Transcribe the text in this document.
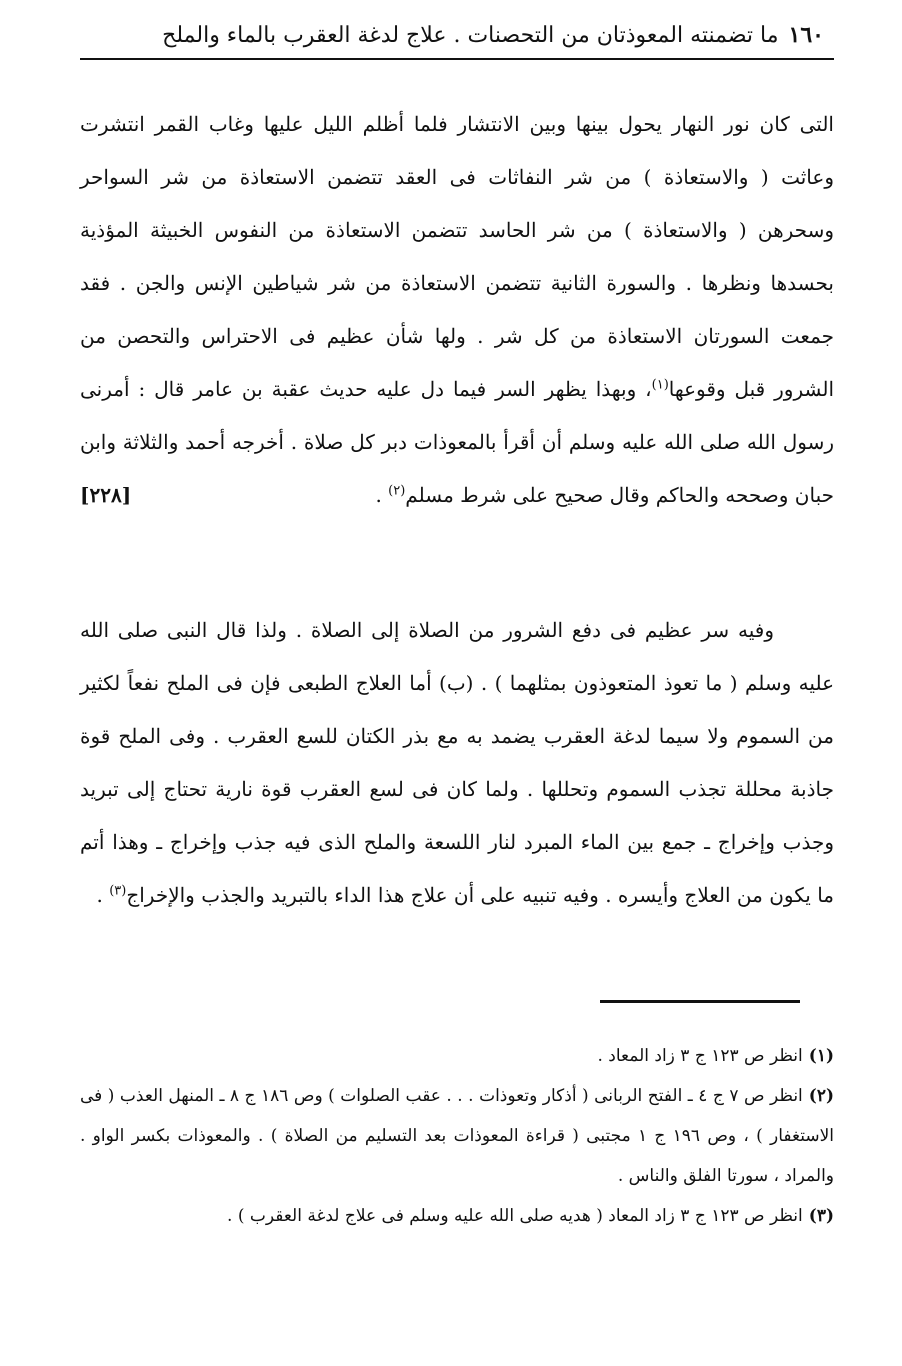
١٦٠
ما تضمنته المعوذتان من التحصنات . علاج لدغة العقرب بالماء والملح
التى كان نور النهار يحول بينها وبين الانتشار فلما أظلم الليل عليها وغاب القمر انتشرت وعاثت ( والاستعاذة ) من شر النفاثات فى العقد تتضمن الاستعاذة من شر السواحر وسحرهن ( والاستعاذة ) من شر الحاسد تتضمن الاستعاذة من النفوس الخبيثة المؤذية بحسدها ونظرها . والسورة الثانية تتضمن الاستعاذة من شر شياطين الإنس والجن . فقد جمعت السورتان الاستعاذة من كل شر . ولها شأن عظيم فى الاحتراس والتحصن من الشرور قبل وقوعها$^{(١)}$، وبهذا يظهر السر فيما دل عليه حديث عقبة بن عامر قال : أمرنى رسول الله صلى الله عليه وسلم أن أقرأ بالمعوذات دبر كل صلاة . أخرجه أحمد والثلاثة وابن حبان وصححه والحاكم وقال صحيح على شرط مسلم$^{(٢)}$ .
[٢٢٨]
وفيه سر عظيم فى دفع الشرور من الصلاة إلى الصلاة . ولذا قال النبى صلى الله عليه وسلم ( ما تعوذ المتعوذون بمثلهما ) . (ب) أما العلاج الطبعى فإن فى الملح نفعاً لكثير من السموم ولا سيما لدغة العقرب يضمد به مع بذر الكتان للسع العقرب . وفى الملح قوة جاذبة محللة تجذب السموم وتحللها . ولما كان فى لسع العقرب قوة نارية تحتاج إلى تبريد وجذب وإخراج ـ جمع بين الماء المبرد لنار اللسعة والملح الذى فيه جذب وإخراج ـ وهذا أتم ما يكون من العلاج وأيسره . وفيه تنبيه على أن علاج هذا الداء بالتبريد والجذب والإخراج$^{(٣)}$ .

(١)انظر ص ١٢٣ ج ٣ زاد المعاد .

(٢)انظر ص ٧ ج ٤ ـ الفتح الربانى ( أذكار وتعوذات . . . عقب الصلوات ) وص ١٨٦ ج ٨ ـ المنهل العذب ( فى الاستغفار ) ، وص ١٩٦ ج ١ مجتبى ( قراءة المعوذات بعد التسليم من الصلاة ) . والمعوذات بكسر الواو . والمراد ، سورتا الفلق والناس .

(٣)انظر ص ١٢٣ ج ٣ زاد المعاد ( هديه صلى الله عليه وسلم فى علاج لدغة العقرب ) .
